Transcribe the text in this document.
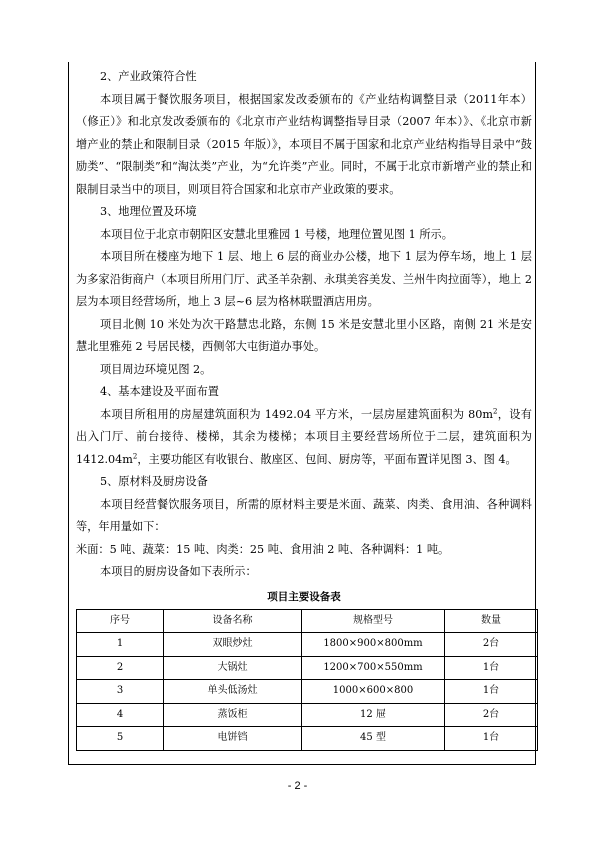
2、产业政策符合性

本项目属于餐饮服务项目，根据国家发改委颁布的《产业结构调整目录（2011年本）（修正）》和北京发改委颁布的《北京市产业结构调整指导目录（2007 年本）》、《北京市新增产业的禁止和限制目录（2015 年版）》，本项目不属于国家和北京产业结构指导目录中“鼓励类”、“限制类”和“淘汰类”产业，为“允许类”产业。同时，不属于北京市新增产业的禁止和限制目录当中的项目，则项目符合国家和北京市产业政策的要求。

3、地理位置及环境

本项目位于北京市朝阳区安慧北里雅园 1 号楼，地理位置见图 1 所示。

本项目所在楼座为地下 1 层、地上 6 层的商业办公楼，地下 1 层为停车场，地上 1 层为多家沿街商户（本项目所用门厅、武圣羊杂割、永琪美容美发、兰州牛肉拉面等），地上 2 层为本项目经营场所，地上 3 层~6 层为格林联盟酒店用房。

项目北侧 10 米处为次干路慧忠北路，东侧 15 米是安慧北里小区路，南侧 21 米是安慧北里雅苑 2 号居民楼，西侧邻大屯街道办事处。

项目周边环境见图 2。

4、基本建设及平面布置

本项目所租用的房屋建筑面积为 1492.04 平方米，一层房屋建筑面积为 $80m^2$，设有出入门厅、前台接待、楼梯，其余为楼梯；本项目主要经营场所位于二层，建筑面积为 $1412.04m^2$，主要功能区有收银台、散座区、包间、厨房等，平面布置详见图 3、图 4。

5、原材料及厨房设备

本项目经营餐饮服务项目，所需的原材料主要是米面、蔬菜、肉类、食用油、各种调料等，年用量如下：

米面：5 吨、蔬菜：15 吨、肉类：25 吨、食用油 2 吨、各种调料：1 吨。

本项目的厨房设备如下表所示：

项目主要设备表
序号	设备名称	规格型号	数量
1	双眼炒灶	1800×900×800mm	2台
2	大锅灶	1200×700×550mm	1台
3	单头低汤灶	1000×600×800	1台
4	蒸饭柜	12 屉	2台
5	电饼铛	45 型	1台
- 2 -
